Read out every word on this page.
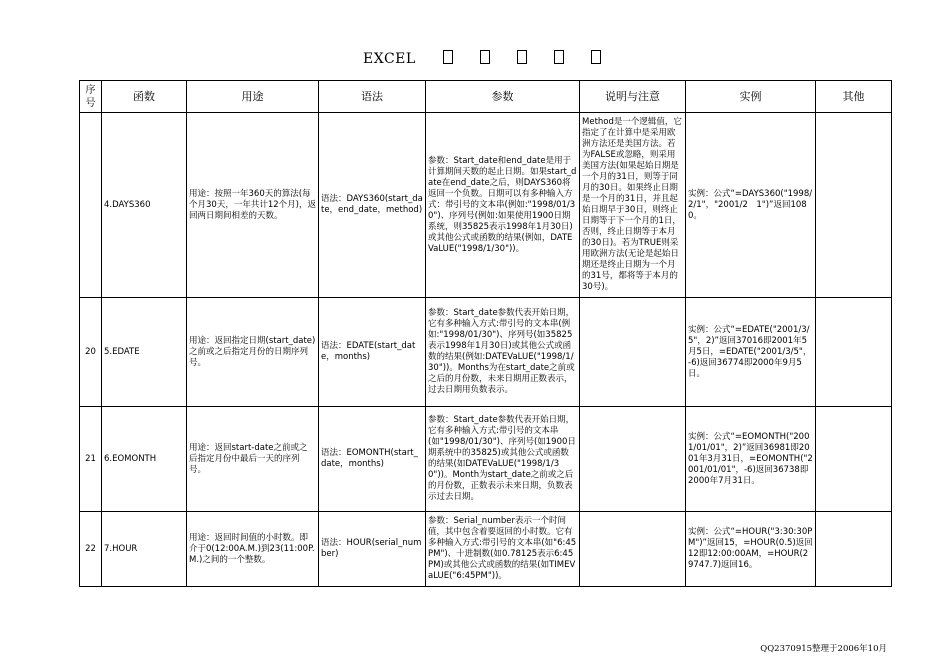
EXCEL
序号	函数	用途	语法	参数	说明与注意	实例	其他
	4.DAYS360	用途：按照一年360天的算法(每个月30天，一年共计12个月)，返回两日期间相差的天数。	语法：DAYS360(start_date，end_date，method)	参数：Start_date和end_date是用于计算期间天数的起止日期。如果start_date在end_date之后，则DAYS360将返回一个负数。日期可以有多种输入方式：带引号的文本串(例如:"1998/01/30")、序列号(例如:如果使用1900日期系统，则35825表示1998年1月30日)或其他公式或函数的结果(例如，DATEVaLUE("1998/1/30"))。	Method是一个逻辑值，它指定了在计算中是采用欧洲方法还是美国方法。若为FALSE或忽略，则采用美国方法(如果起始日期是一个月的31日，则等于同月的30日。如果终止日期是一个月的31日，并且起始日期早于30日，则终止日期等于下一个月的1日，否则，终止日期等于本月的30日)。若为TRUE则采用欧洲方法(无论是起始日期还是终止日期为一个月的31号，都将等于本月的30号)。	实例：公式“=DAYS360("1998/2/1"，"2001/2　1")”返回1080。	
20	5.EDATE	用途：返回指定日期(start_date)之前或之后指定月份的日期序列号。	语法：EDATE(start_date，months)	参数：Start_date参数代表开始日期，它有多种输入方式:带引号的文本串(例如:"1998/01/30")、序列号(如35825表示1998年1月30日)或其他公式或函数的结果(例如:DATEVaLUE("1998/1/30"))。Months为在start_date之前或之后的月份数，未来日期用正数表示，过去日期用负数表示。		实例：公式“=EDATE("2001/3/5"，2)”返回37016即2001年5月5日，=EDATE("2001/3/5"，-6)返回36774即2000年9月5日。	
21	6.EOMONTH	用途：返回start-date之前或之后指定月份中最后一天的序列号。	语法：EOMONTH(start_date，months)	参数：Start_date参数代表开始日期，它有多种输入方式:带引号的文本串(如"1998/01/30")、序列号(如1900日期系统中的35825)或其他公式或函数的结果(如DATEVaLUE("1998/1/30"))。Month为start_date之前或之后的月份数，正数表示未来日期，负数表示过去日期。		实例：公式“=EOMONTH("2001/01/01"，2)”返回36981即2001年3月31日，=EOMONTH("2001/01/01"，-6)返回36738即2000年7月31日。	
22	7.HOUR	用途：返回时间值的小时数。即介于0(12:00A.M.)到23(11:00P.M.)之间的一个整数。	语法：HOUR(serial_number)	参数：Serial_number表示一个时间值，其中包含着要返回的小时数。它有多种输入方式:带引号的文本串(如"6:45PM")、十进制数(如0.78125表示6:45PM)或其他公式或函数的结果(如TIMEVaLUE("6:45PM"))。		实例：公式“=HOUR("3:30:30PM")”返回15，=HOUR(0.5)返回12即12:00:00AM，=HOUR(29747.7)返回16。	
QQ2370915整理于2006年10月
